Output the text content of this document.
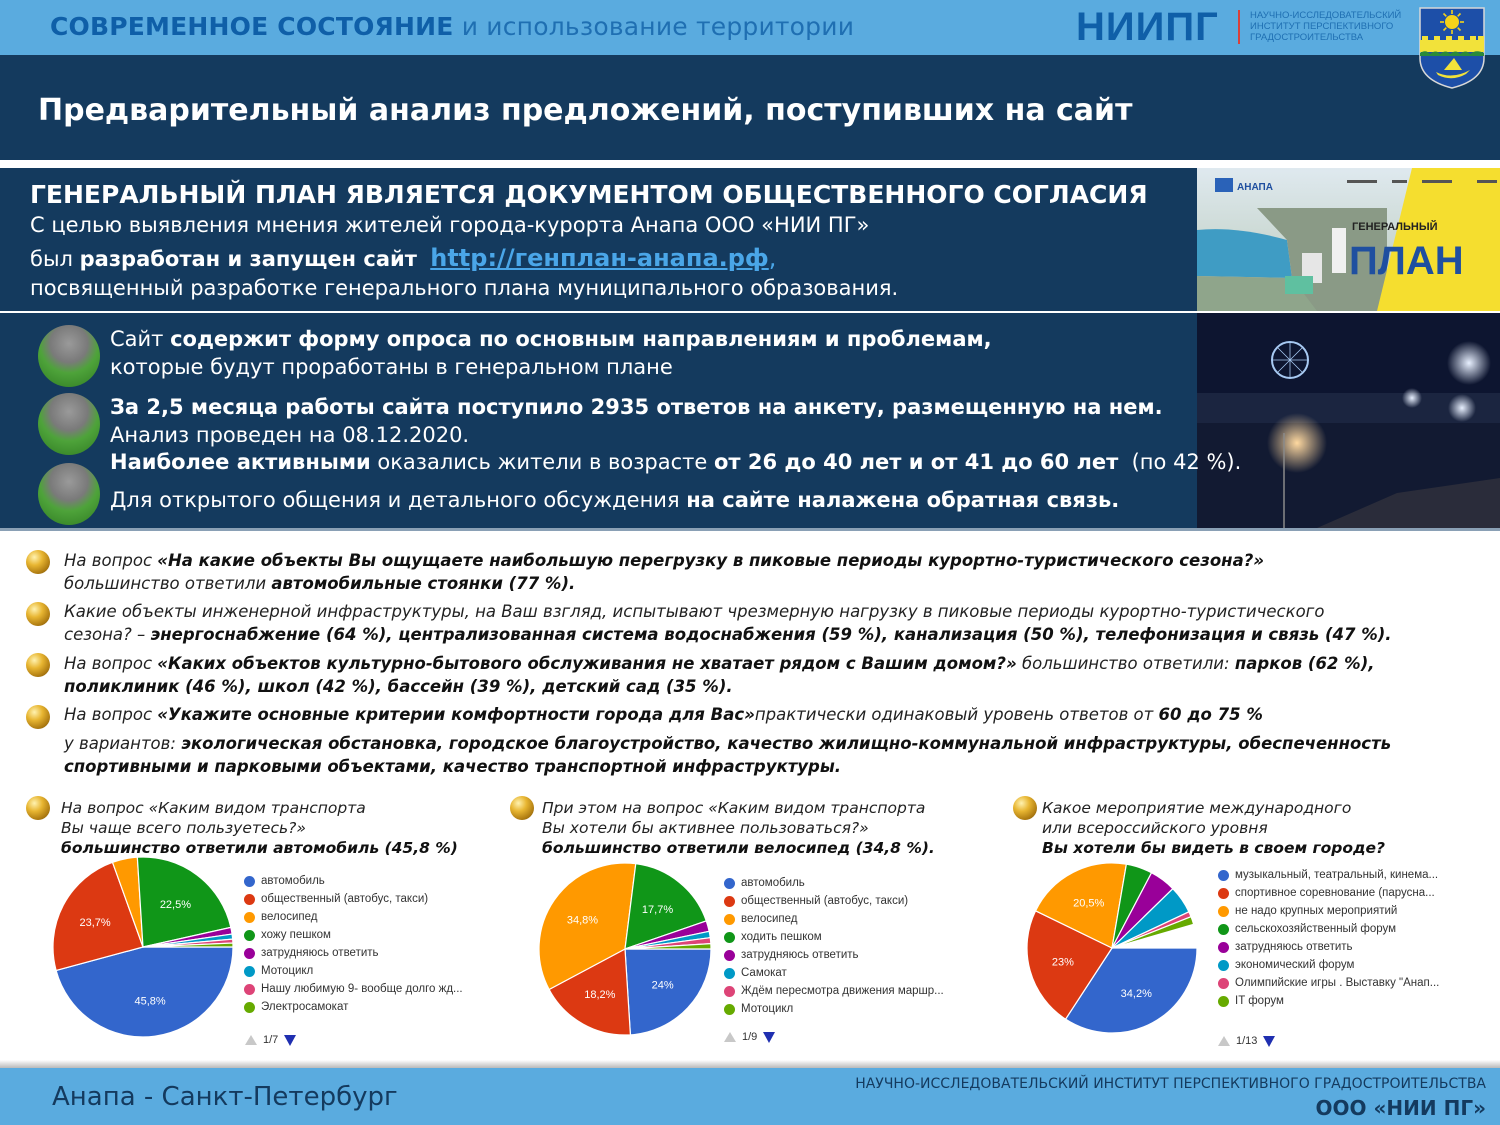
СОВРЕМЕННОЕ СОСТОЯНИЕ и использование территории	НИИПГ	НАУЧНО-ИССЛЕДОВАТЕЛЬСКИЙ
ИНСТИТУТ ПЕРСПЕКТИВНОГО
ГРАДОСТРОИТЕЛЬСТВА
Предварительный анализ предложений, поступивших на сайт
ГЕНЕРАЛЬНЫЙ ПЛАН ЯВЛЯЕТСЯ ДОКУМЕНТОМ ОБЩЕСТВЕННОГО СОГЛАСИЯ
С целью выявления мнения жителей города-курорта Анапа ООО «НИИ ПГ»
был разработан и запущен сайт http://генплан-анапа.рф,
посвященный разработке генерального плана муниципального образования.
АНАПА
ГЕНЕРАЛЬНЫЙ
ПЛАН
Сайт содержит форму опроса по основным направлениям и проблемам,
которые будут проработаны в генеральном плане
За 2,5 месяца работы сайта поступило 2935 ответов на анкету, размещенную на нем.
Анализ проведен на 08.12.2020.
Наиболее активными оказались жители в возрасте от 26 до 40 лет и от 41 до 60 лет  (по 42 %).
Для открытого общения и детального обсуждения на сайте налажена обратная связь.
На вопрос «На какие объекты Вы ощущаете наибольшую перегрузку в пиковые периоды курортно-туристического сезона?»
большинство ответили автомобильные стоянки (77 %).
Какие объекты инженерной инфраструктуры, на Ваш взгляд, испытывают чрезмерную нагрузку в пиковые периоды курортно-туристического
сезона? – энергоснабжение (64 %), централизованная система водоснабжения (59 %), канализация (50 %), телефонизация и связь (47 %).
На вопрос «Каких объектов культурно-бытового обслуживания не хватает рядом с Вашим домом?» большинство ответили: парков (62 %),
поликлиник (46 %), школ (42 %), бассейн (39 %), детский сад (35 %).
На вопрос «Укажите основные критерии комфортности города для Вас»практически одинаковый уровень ответов от 60 до 75 %
у вариантов: экологическая обстановка, городское благоустройство, качество жилищно-коммунальной инфраструктуры, обеспеченность
спортивными и парковыми объектами, качество транспортной инфраструктуры.
На вопрос «Каким видом транспорта
Вы чаще всего пользуетесь?»
большинство ответили автомобиль (45,8 %)
При этом на вопрос «Каким видом транспорта
Вы хотели бы активнее пользоваться?»
большинство ответили велосипед (34,8 %).
Какое мероприятие международного
или всероссийского уровня
Вы хотели бы видеть в своем городе?
45,8%
23,7%
22,5%
автомобиль
общественный (автобус, такси)
велосипед
хожу пешком
затрудняюсь ответить
Мотоцикл
Нашу любимую 9- вообще долго жд...
Электросамокат
1/7
24%
18,2%
34,8%
17,7%
автомобиль
общественный (автобус, такси)
велосипед
ходить пешком
затрудняюсь ответить
Самокат
Ждём пересмотра движения маршр...
Мотоцикл
1/9
34,2%
23%
20,5%
музыкальный, театральный, кинема...
спортивное соревнование (парусна...
не надо крупных мероприятий
сельскохозяйственный форум
затрудняюсь ответить
экономический форум
Олимпийские игры . Выставку "Анап...
IT форум
1/13
Анапа - Санкт-Петербург	НАУЧНО-ИССЛЕДОВАТЕЛЬСКИЙ ИНСТИТУТ ПЕРСПЕКТИВНОГО ГРАДОСТРОИТЕЛЬСТВА
ООО «НИИ ПГ»
